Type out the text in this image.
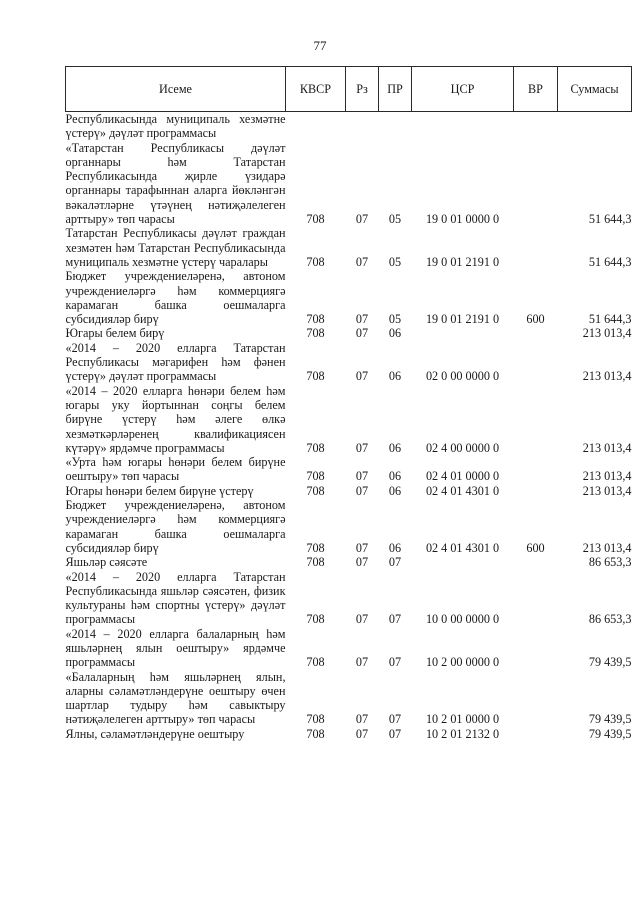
77
Исеме	КВСР	Рз	ПР	ЦСР	ВР	Суммасы
Республикасында муниципаль хезмәтне үстерү» дәүләт программасы						
«Татарстан Республикасы дәүләт органнары һәм Татарстан Республикасында җирле үзидарә органнары тарафыннан аларга йөкләнгән вәкаләтләрне үтәүнең нәтиҗәлелеген арттыру» төп чарасы	708	07	05	19 0 01 0000 0		51 644,3
Татарстан Республикасы дәүләт граждан хезмәтен һәм Татарстан Республикасында муниципаль хезмәтне үстерү чаралары	708	07	05	19 0 01 2191 0		51 644,3
Бюджет учреждениеләренә, автоном учреждениеләргә һәм коммерциягә карамаган башка оешмаларга субсидияләр бирү	708	07	05	19 0 01 2191 0	600	51 644,3
Югары белем бирү	708	07	06			213 013,4
«2014 – 2020 елларга Татарстан Республикасы мәгарифен һәм фәнен үстерү» дәүләт программасы	708	07	06	02 0 00 0000 0		213 013,4
«2014 – 2020 елларга һөнәри белем һәм югары уку йортыннан соңгы белем бирүне үстерү һәм әлеге өлкә хезмәткәрләренең квалификациясен күтәрү» ярдәмче программасы	708	07	06	02 4 00 0000 0		213 013,4
«Урта һәм югары һөнәри белем бирүне оештыру» төп чарасы	708	07	06	02 4 01 0000 0		213 013,4
Югары һөнәри белем бирүне үстерү	708	07	06	02 4 01 4301 0		213 013,4
Бюджет учреждениеләренә, автоном учреждениеләргә һәм коммерциягә карамаган башка оешмаларга субсидияләр бирү	708	07	06	02 4 01 4301 0	600	213 013,4
Яшьләр сәясәте	708	07	07			86 653,3
«2014 – 2020 елларга Татарстан Республикасында яшьләр сәясәтен, физик культураны һәм спортны үстерү» дәүләт программасы	708	07	07	10 0 00 0000 0		86 653,3
«2014 – 2020 елларга балаларның һәм яшьләрнең ялын оештыру» ярдәмче программасы	708	07	07	10 2 00 0000 0		79 439,5
«Балаларның һәм яшьләрнең ялын, аларны сәламәтләндерүне оештыру өчен шартлар тудыру һәм савыктыру нәтиҗәлелеген арттыру» төп чарасы	708	07	07	10 2 01 0000 0		79 439,5
Ялны, сәламәтләндерүне оештыру	708	07	07	10 2 01 2132 0		79 439,5
